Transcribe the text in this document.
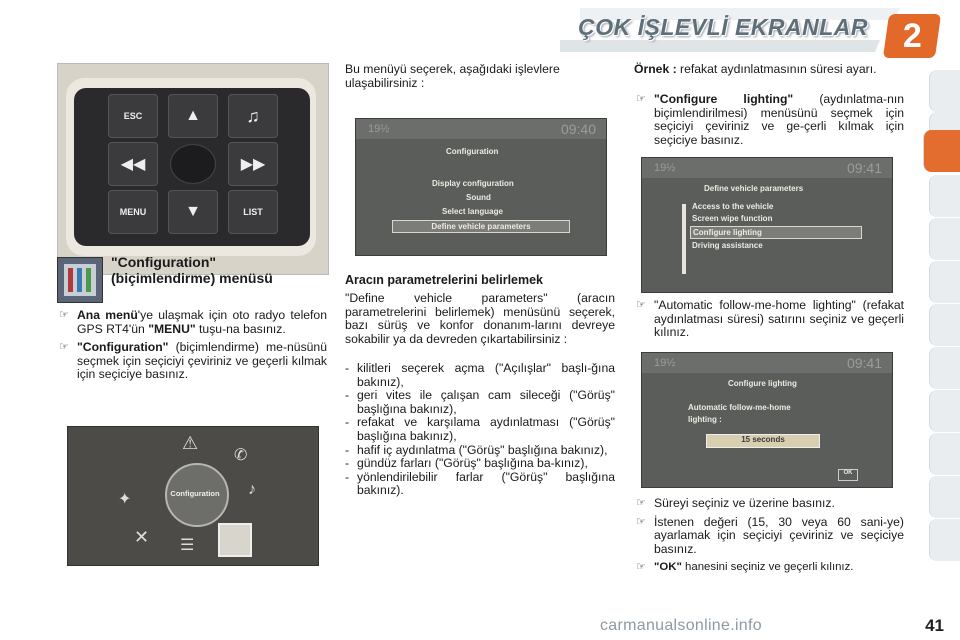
ÇOK İŞLEVLİ EKRANLAR 2
ESC	▲	♫
◀◀	▶▶
MENU	▼	LIST
"Configuration" (biçimlendirme) menüsü
☞ Ana menü'ye ulaşmak için oto radyo telefon GPS RT4'ün "MENU" tuşu-na basınız.
☞ "Configuration" (biçimlendirme) me-nüsünü seçmek için seçiciyi çeviriniz ve geçerli kılmak için seçiciye basınız.
Configuration
⚠
✆
♪
✦
✕ ☰
Bu menüyü seçerek, aşağıdaki işlevlere ulaşabilirsiniz :
19½	09:40
Configuration
Display configuration
Sound
Select language
Define vehicle parameters
Aracın parametrelerini belirlemek
"Define vehicle parameters" (aracın parametrelerini belirlemek) menüsünü seçerek, bazı sürüş ve konfor donanım-larını devreye sokabilir ya da devreden çıkartabilirsiniz :
- kilitleri seçerek açma ("Açılışlar" başlı-ğına bakınız),
- geri vites ile çalışan cam sileceği ("Görüş" başlığına bakınız),
- refakat ve karşılama aydınlatması ("Görüş" başlığına bakınız),
- hafif iç aydınlatma ("Görüş" başlığına bakınız),
- gündüz farları ("Görüş" başlığına ba-kınız),
- yönlendirilebilir farlar ("Görüş" başlığına bakınız).
Örnek : refakat aydınlatmasının süresi ayarı.
☞ "Configure lighting" (aydınlatma-nın biçimlendirilmesi) menüsünü seçmek için seçiciyi çeviriniz ve ge-çerli kılmak için seçiciye basınız.
19½	09:41
Define vehicle parameters
Access to the vehicle
Screen wipe function
Configure lighting
Driving assistance
☞ "Automatic follow-me-home lighting" (refakat aydınlatması süresi) satırını seçiniz ve geçerli kılınız.
19½	09:41
Configure lighting
Automatic follow-me-home
lighting :
15 seconds
OK
☞ Süreyi seçiniz ve üzerine basınız.
☞ İstenen değeri (15, 30 veya 60 sani-ye) ayarlamak için seçiciyi çeviriniz ve seçiciye basınız.
☞ "OK" hanesini seçiniz ve geçerli kılınız.
carmanualsonline.info	41
